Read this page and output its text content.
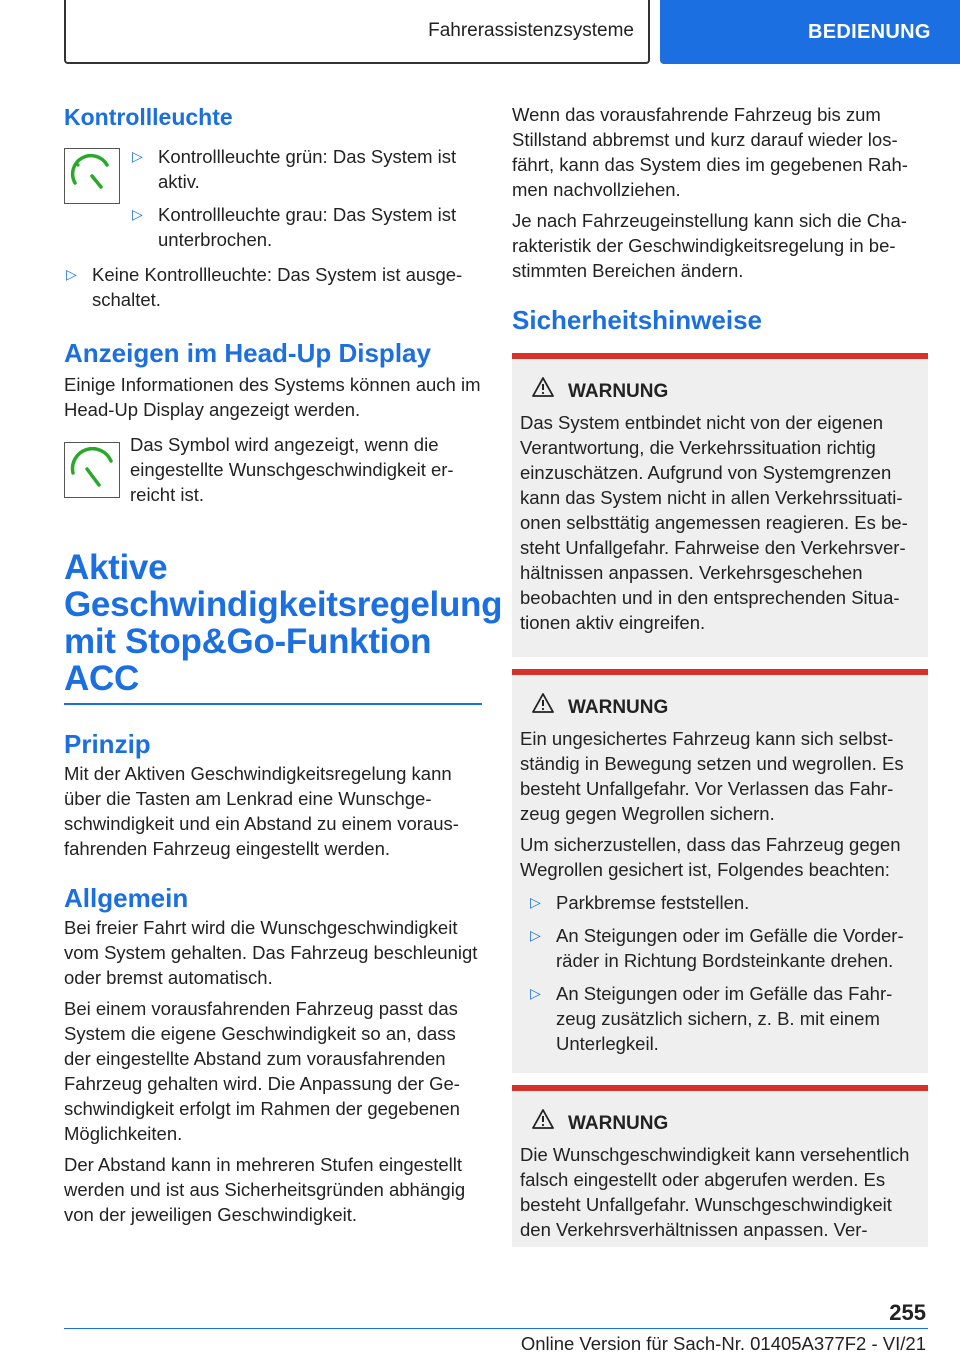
Fahrerassistenzsysteme	BEDIENUNG
Kontrollleuchte
▷ Kontrollleuchte grün: Das System ist aktiv.
▷ Kontrollleuchte grau: Das System ist unterbrochen.
▷ Keine Kontrollleuchte: Das System ist ausgeschaltet.
Anzeigen im Head-Up Display

Einige Informationen des Systems können auch im Head-Up Display angezeigt werden.

Das Symbol wird angezeigt, wenn die eingestellte Wunschgeschwindigkeit erreicht ist.

Aktive
Geschwindigkeitsregelung
mit Stop&Go-Funktion
ACC
Prinzip

Mit der Aktiven Geschwindigkeitsregelung kann über die Tasten am Lenkrad eine Wunschgeschwindigkeit und ein Abstand zu einem vorausfahrenden Fahrzeug eingestellt werden.

Allgemein

Bei freier Fahrt wird die Wunschgeschwindigkeit vom System gehalten. Das Fahrzeug beschleunigt oder bremst automatisch.

Bei einem vorausfahrenden Fahrzeug passt das System die eigene Geschwindigkeit so an, dass der eingestellte Abstand zum vorausfahrenden Fahrzeug gehalten wird. Die Anpassung der Geschwindigkeit erfolgt im Rahmen der gegebenen Möglichkeiten.

Der Abstand kann in mehreren Stufen eingestellt werden und ist aus Sicherheitsgründen abhängig von der jeweiligen Geschwindigkeit.

Wenn das vorausfahrende Fahrzeug bis zum Stillstand abbremst und kurz darauf wieder losfährt, kann das System dies im gegebenen Rahmen nachvollziehen.

Je nach Fahrzeugeinstellung kann sich die Charakteristik der Geschwindigkeitsregelung in bestimmten Bereichen ändern.

Sicherheitshinweise
WARNUNG

Das System entbindet nicht von der eigenen Verantwortung, die Verkehrssituation richtig einzuschätzen. Aufgrund von Systemgrenzen kann das System nicht in allen Verkehrssituationen selbsttätig angemessen reagieren. Es besteht Unfallgefahr. Fahrweise den Verkehrsverhältnissen anpassen. Verkehrsgeschehen beobachten und in den entsprechenden Situationen aktiv eingreifen.

WARNUNG

Ein ungesichertes Fahrzeug kann sich selbstständig in Bewegung setzen und wegrollen. Es besteht Unfallgefahr. Vor Verlassen das Fahrzeug gegen Wegrollen sichern.

Um sicherzustellen, dass das Fahrzeug gegen Wegrollen gesichert ist, Folgendes beachten:

▷ Parkbremse feststellen.
▷ An Steigungen oder im Gefälle die Vorderräder in Richtung Bordsteinkante drehen.
▷ An Steigungen oder im Gefälle das Fahrzeug zusätzlich sichern, z. B. mit einem Unterlegkeil.
WARNUNG

Die Wunschgeschwindigkeit kann versehentlich falsch eingestellt oder abgerufen werden. Es besteht Unfallgefahr. Wunschgeschwindigkeit den Verkehrsverhältnissen anpassen. Ver-

255
Online Version für Sach-Nr. 01405A377F2 - VI/21
